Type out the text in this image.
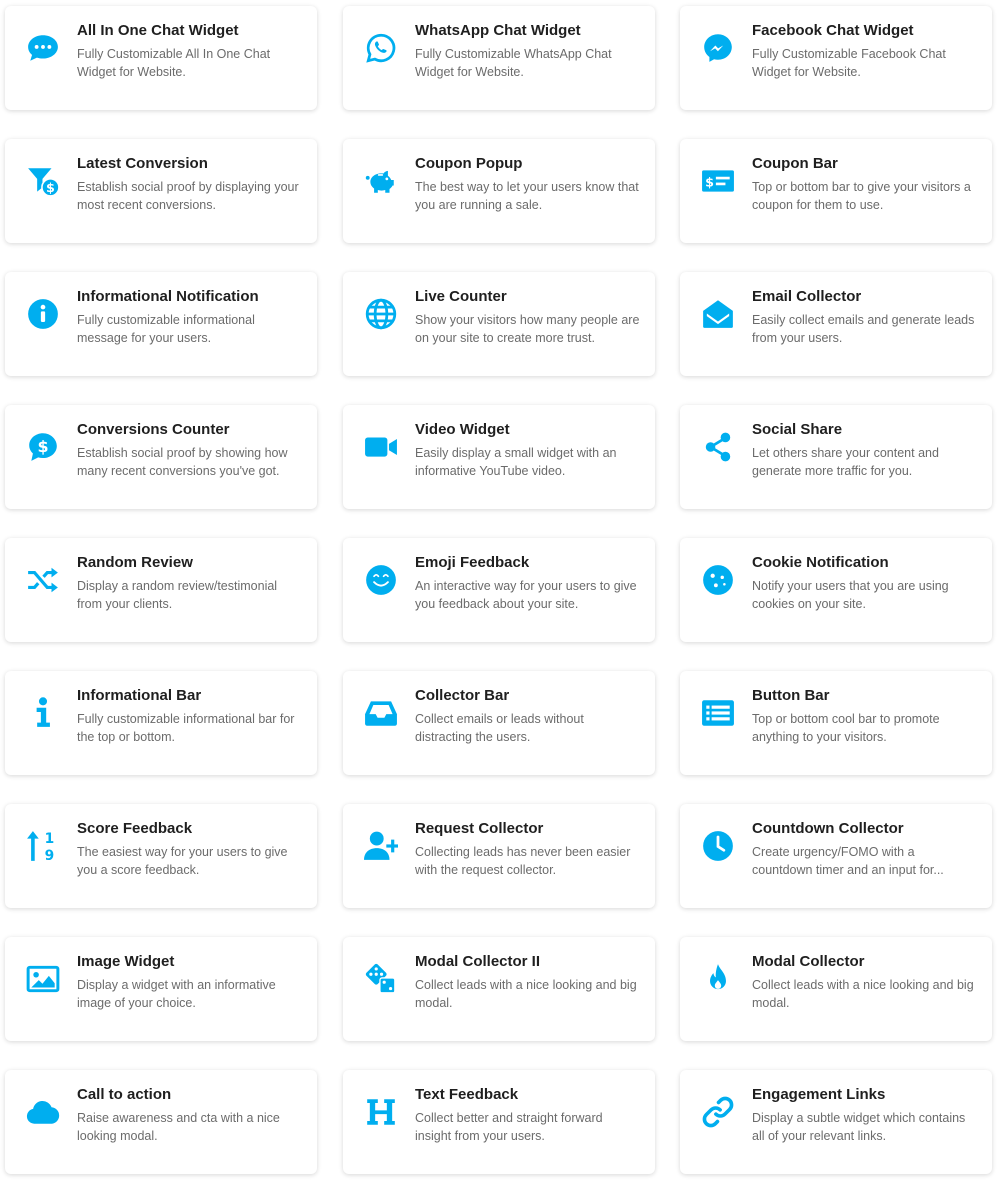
All In One Chat Widget
Fully Customizable All In One Chat Widget for Website.
WhatsApp Chat Widget
Fully Customizable WhatsApp Chat Widget for Website.
Facebook Chat Widget
Fully Customizable Facebook Chat Widget for Website.
$
Latest Conversion
Establish social proof by displaying your most recent conversions.
Coupon Popup
The best way to let your users know that you are running a sale.
$
Coupon Bar
Top or bottom bar to give your visitors a coupon for them to use.
Informational Notification
Fully customizable informational message for your users.
Live Counter
Show your visitors how many people are on your site to create more trust.
Email Collector
Easily collect emails and generate leads from your users.
$
Conversions Counter
Establish social proof by showing how many recent conversions you've got.
Video Widget
Easily display a small widget with an informative YouTube video.
Social Share
Let others share your content and generate more traffic for you.
Random Review
Display a random review/testimonial from your clients.
Emoji Feedback
An interactive way for your users to give you feedback about your site.
Cookie Notification
Notify your users that you are using cookies on your site.
Informational Bar
Fully customizable informational bar for the top or bottom.
Collector Bar
Collect emails or leads without distracting the users.
Button Bar
Top or bottom cool bar to promote anything to your visitors.
1
9
Score Feedback
The easiest way for your users to give you a score feedback.
Request Collector
Collecting leads has never been easier with the request collector.
Countdown Collector
Create urgency/FOMO with a countdown timer and an input for...
Image Widget
Display a widget with an informative image of your choice.
Modal Collector II
Collect leads with a nice looking and big modal.
Modal Collector
Collect leads with a nice looking and big modal.
Call to action
Raise awareness and cta with a nice looking modal.
Text Feedback
Collect better and straight forward insight from your users.
Engagement Links
Display a subtle widget which contains all of your relevant links.
